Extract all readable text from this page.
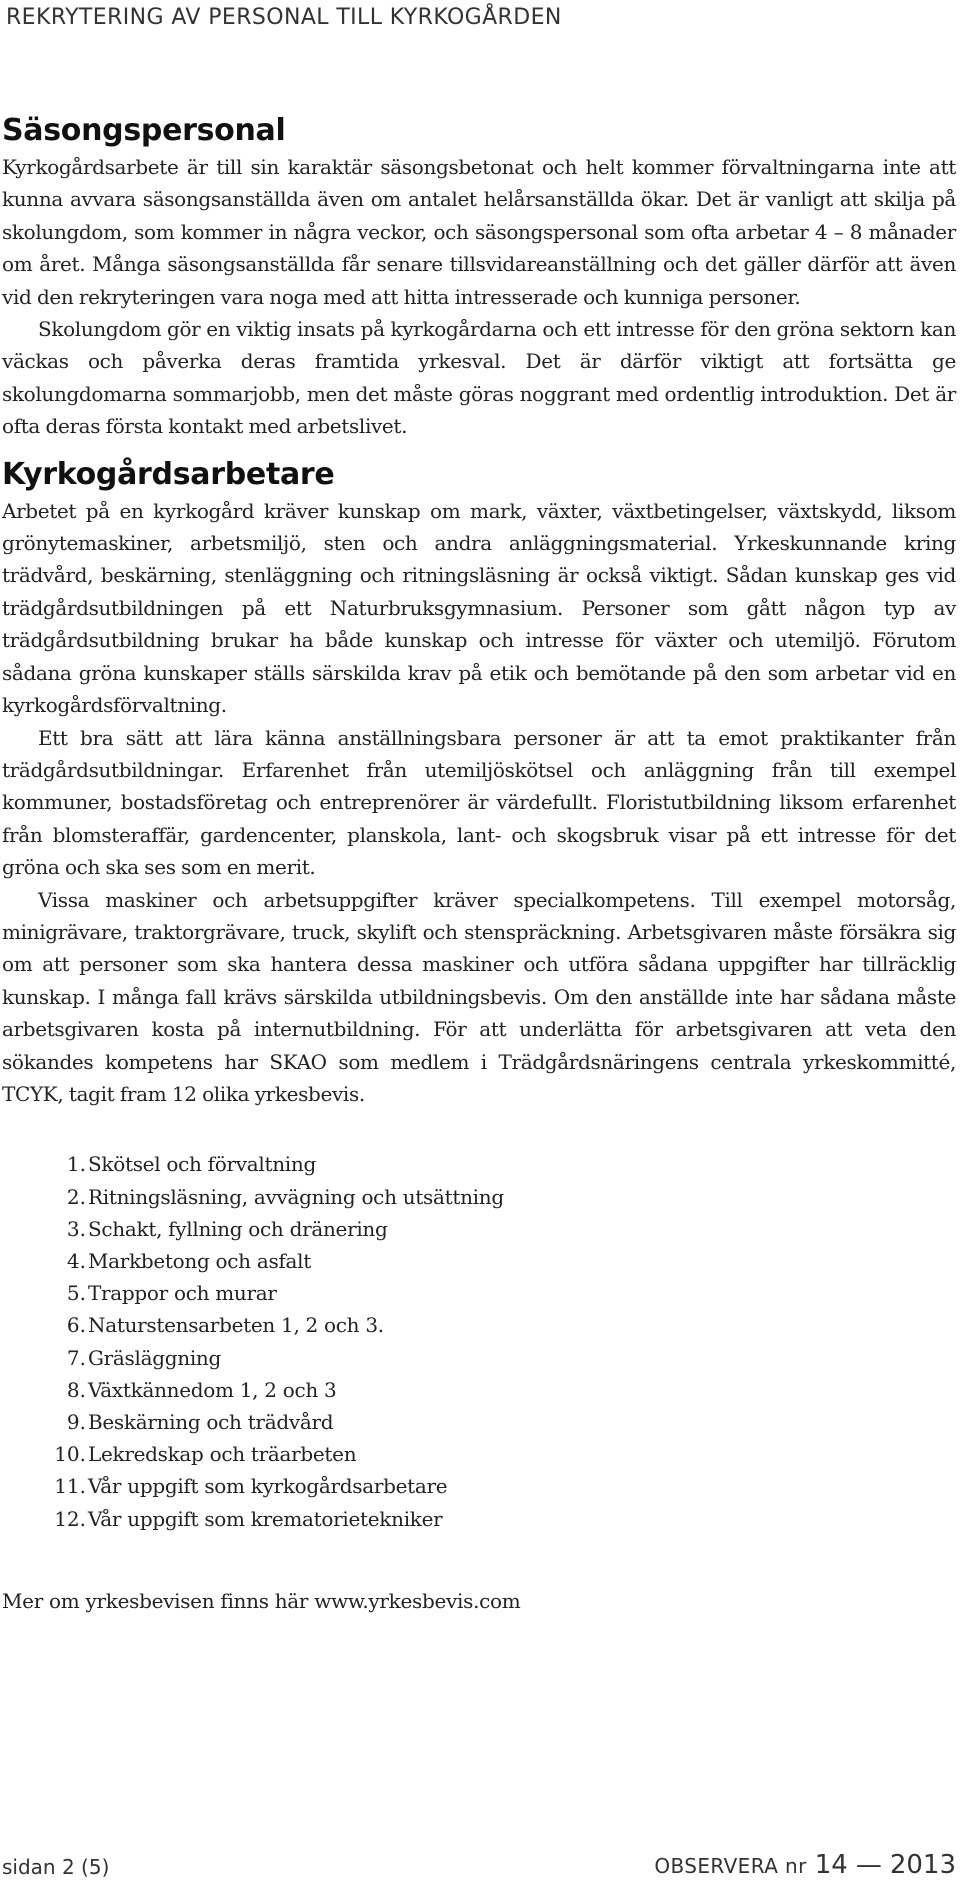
REKRYTERING AV PERSONAL TILL KYRKOGÅRDEN
Säsongspersonal

Kyrkogårdsarbete är till sin karaktär säsongsbetonat och helt kommer förvaltningarna inte att kunna avvara säsongsanställda även om antalet helårsanställda ökar. Det är vanligt att skilja på skolungdom, som kommer in några veckor, och säsongspersonal som ofta arbetar 4 – 8 månader om året. Många säsongsanställda får senare tillsvidareanställning och det gäller därför att även vid den rekryteringen vara noga med att hitta intresserade och kunniga personer.

Skolungdom gör en viktig insats på kyrkogårdarna och ett intresse för den gröna sektorn kan väckas och påverka deras framtida yrkesval. Det är därför viktigt att fortsätta ge skolungdomarna sommarjobb, men det måste göras noggrant med ordentlig introduktion. Det är ofta deras första kontakt med arbetslivet.

Kyrkogårdsarbetare

Arbetet på en kyrkogård kräver kunskap om mark, växter, växtbetingelser, växtskydd, liksom grönytemaskiner, arbetsmiljö, sten och andra anläggningsmaterial. Yrkeskunnande kring trädvård, beskärning, stenläggning och ritningsläsning är också viktigt. Sådan kunskap ges vid trädgårdsutbildningen på ett Naturbruksgymnasium. Personer som gått någon typ av trädgårdsutbildning brukar ha både kunskap och intresse för växter och utemiljö. Förutom sådana gröna kunskaper ställs särskilda krav på etik och bemötande på den som arbetar vid en kyrkogårdsförvaltning.

Ett bra sätt att lära känna anställningsbara personer är att ta emot praktikanter från trädgårdsutbildningar. Erfarenhet från utemiljöskötsel och anläggning från till exempel kommuner, bostadsföretag och entreprenörer är värdefullt. Floristutbildning liksom erfarenhet från blomsteraffär, gardencenter, planskola, lant- och skogsbruk visar på ett intresse för det gröna och ska ses som en merit.

Vissa maskiner och arbetsuppgifter kräver specialkompetens. Till exempel motorsåg, minigrävare, traktorgrävare, truck, skylift och stenspräckning. Arbetsgivaren måste försäkra sig om att personer som ska hantera dessa maskiner och utföra sådana uppgifter har tillräcklig kunskap. I många fall krävs särskilda utbildningsbevis. Om den anställde inte har sådana måste arbetsgivaren kosta på internutbildning. För att underlätta för arbetsgivaren att veta den sökandes kompetens har SKAO som medlem i Trädgårdsnäringens centrala yrkeskommitté, TCYK, tagit fram 12 olika yrkesbevis.

1. Skötsel och förvaltning
2. Ritningsläsning, avvägning och utsättning
3. Schakt, fyllning och dränering
4. Markbetong och asfalt
5. Trappor och murar
6. Naturstensarbeten 1, 2 och 3.
7. Gräsläggning
8. Växtkännedom 1, 2 och 3
9. Beskärning och trädvård
10. Lekredskap och träarbeten
11. Vår uppgift som kyrkogårdsarbetare
12. Vår uppgift som krematorietekniker
Mer om yrkesbevisen finns här www.yrkesbevis.com
sidan 2 (5)	OBSERVERA nr 14 — 2013
